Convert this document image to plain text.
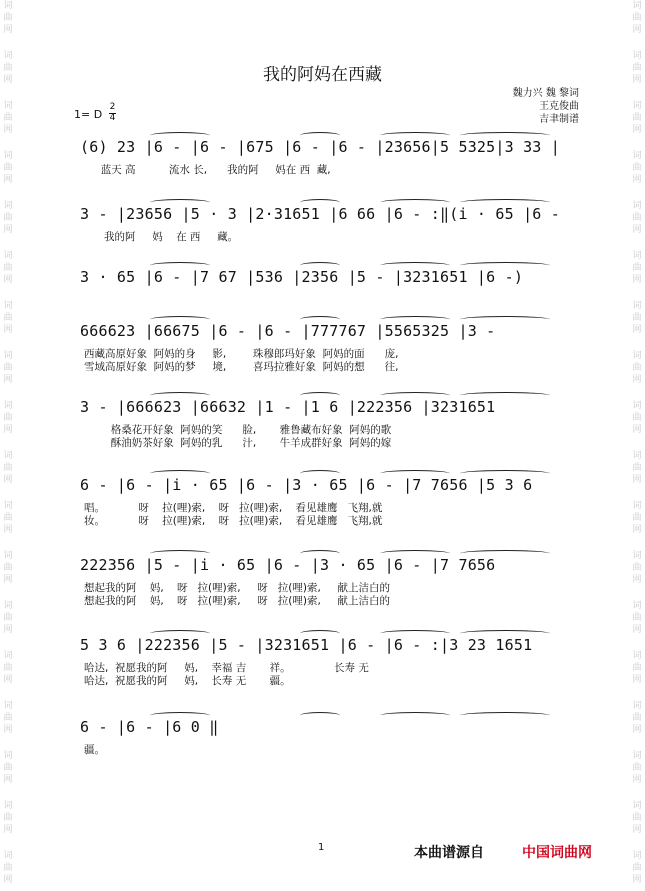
词曲网
词曲网
词曲网
词曲网
词曲网
词曲网
词曲网
词曲网
词曲网
词曲网
词曲网
词曲网
词曲网
词曲网
词曲网
词曲网
词曲网
词曲网
词曲网
词曲网
词曲网
词曲网
词曲网
词曲网
词曲网
词曲网
词曲网
词曲网
词曲网
词曲网
词曲网
词曲网
词曲网
词曲网
词曲网
词曲网
我的阿妈在西藏
魏力兴 魏 黎词
王克俊曲
吉聿制谱
1= D
2
4
(6) 23 |6 - |6 - |675 |6 - |6 - |23656|5 5325|3 33 |
蓝天 高          流水 长,      我的阿     妈在 西  藏,
3 - |23656 |5 · 3 |2·31651 |6 66 |6 - :‖(i · 65 |6 -
我的阿     妈    在 西     藏。
3 · 65 |6 - |7 67 |536 |2356 |5 - |3231651 |6 -)
666623 |66675 |6 - |6 - |777767 |5565325 |3 -
西藏高原好象  阿妈的身     影,        珠穆郎玛好象  阿妈的面      庞,
雪域高原好象  阿妈的梦     境,        喜玛拉雅好象  阿妈的想      往,
3 - |666623 |66632 |1 - |1 6 |222356 |3231651
格桑花开好象  阿妈的笑      脸,       雅鲁藏布好象  阿妈的歌
酥油奶茶好象  阿妈的乳      汁,       牛羊成群好象  阿妈的嫁
6 - |6 - |i · 65 |6 - |3 · 65 |6 - |7 7656 |5 3 6
唱。          呀    拉(哩)索,    呀   拉(哩)索,    看见雄鹰   飞翔,就
妆。          呀    拉(哩)索,    呀   拉(哩)索,    看见雄鹰   飞翔,就
222356 |5 - |i · 65 |6 - |3 · 65 |6 - |7 7656
想起我的阿    妈,    呀   拉(哩)索,     呀   拉(哩)索,     献上洁白的
想起我的阿    妈,    呀   拉(哩)索,     呀   拉(哩)索,     献上洁白的
5 3 6 |222356 |5 - |3231651 |6 - |6 - :|3 23 1651
哈达,  祝愿我的阿     妈,    幸福 吉       祥。             长寿 无
哈达,  祝愿我的阿     妈,    长寿 无       疆。
6 - |6 - |6 0 ‖
疆。
1	本曲谱源自	中国词曲网
